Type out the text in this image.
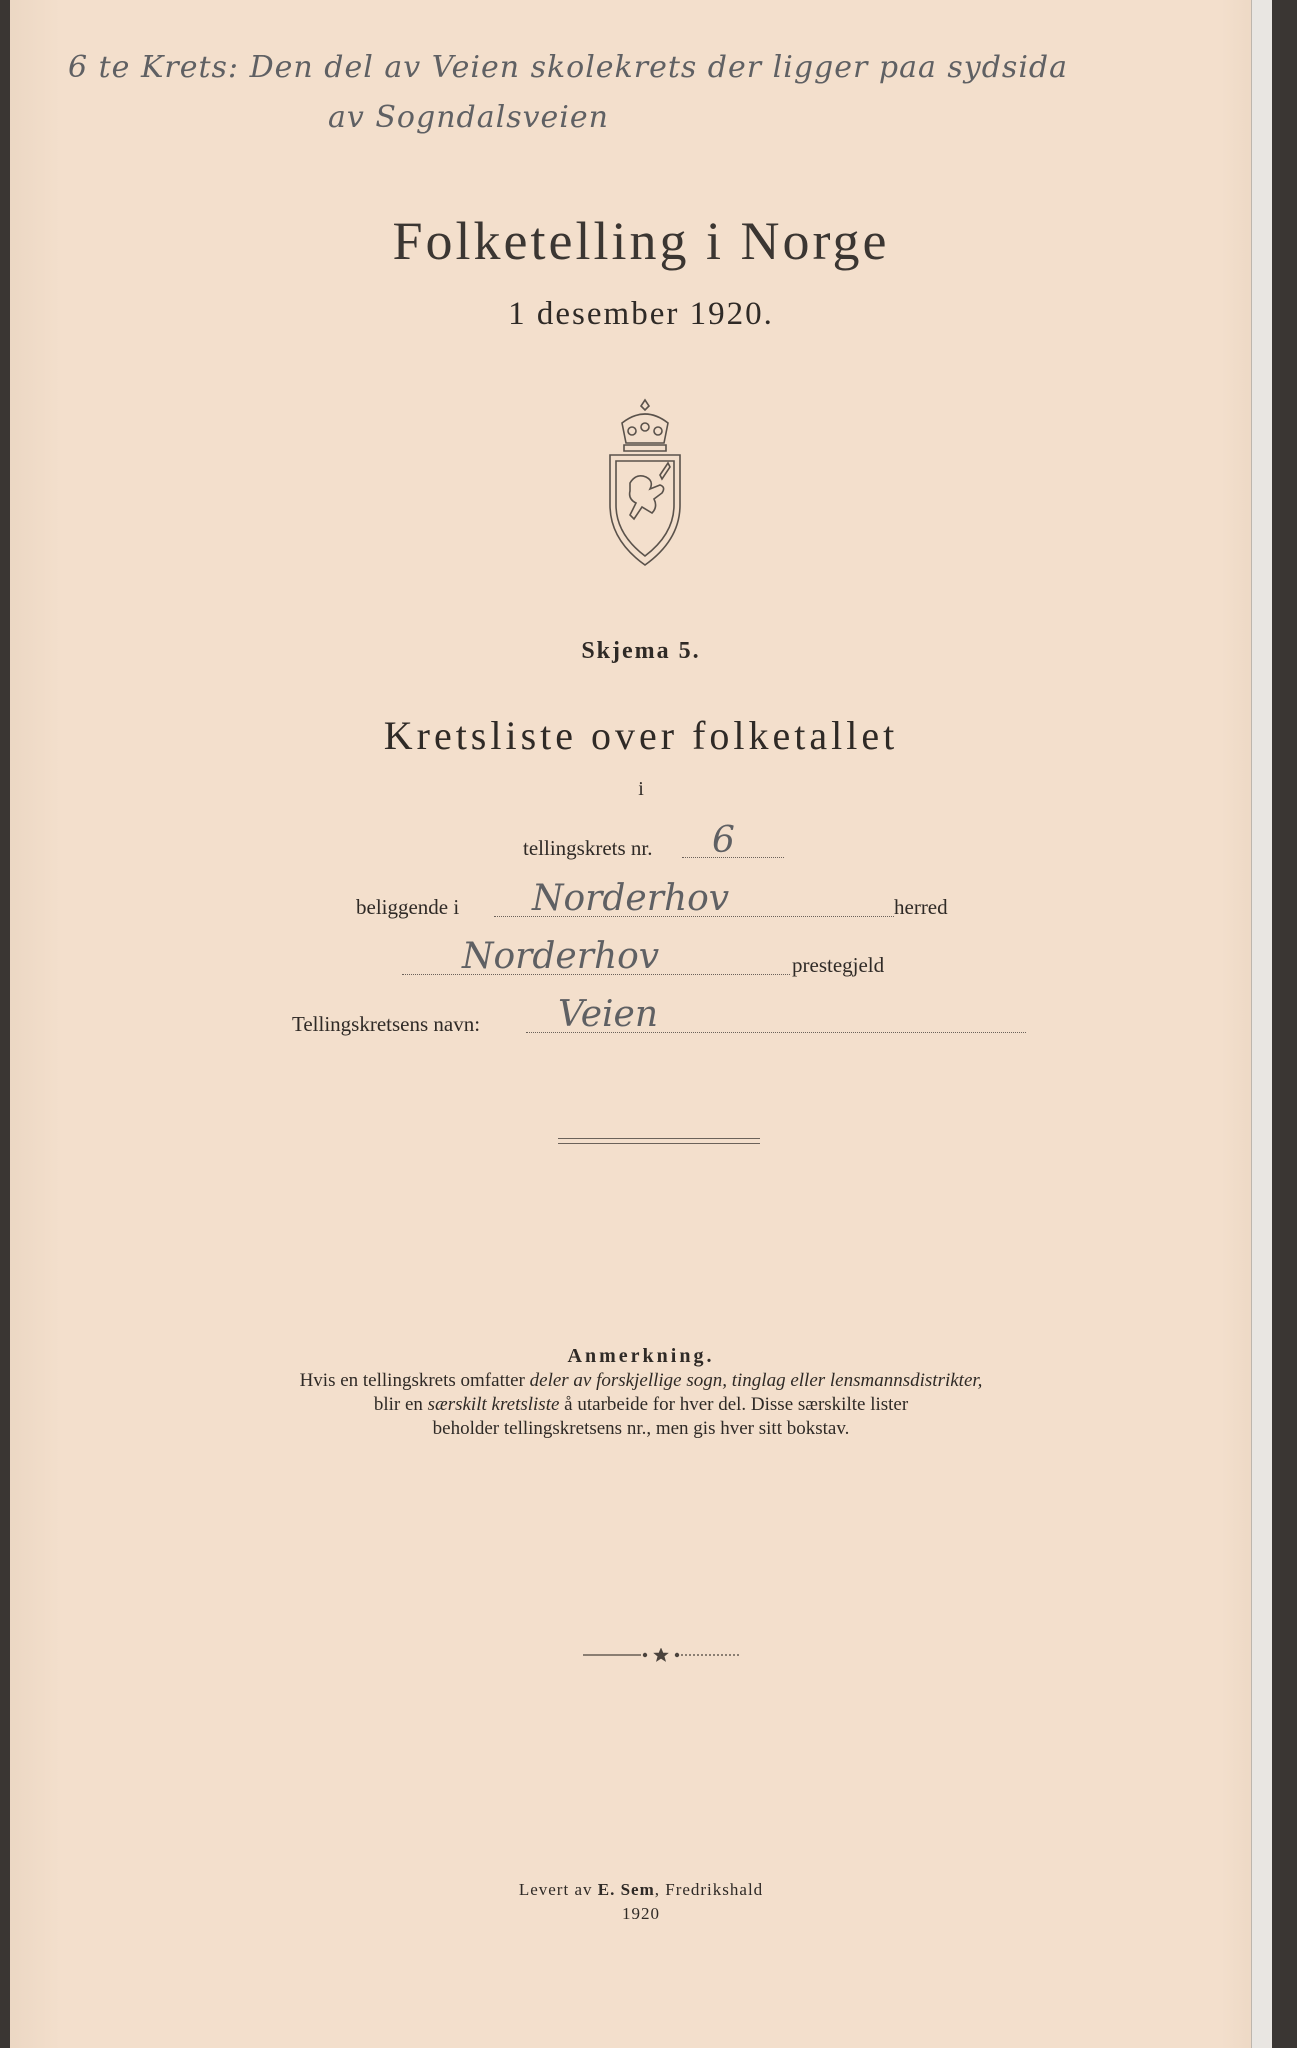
6 te Krets: Den del av Veien skolekrets der ligger paa sydsida
av Sogndalsveien
Folketelling i Norge
1 desember 1920.
Skjema 5.
Kretsliste over folketallet
i
tellingskrets nr. 6
beliggende i Norderhov	herred
Norderhov	prestegjeld
Tellingskretsens navn: Veien
Anmerkning.
Hvis en tellingskrets omfatter deler av forskjellige sogn, tinglag eller lensmannsdistrikter,
blir en særskilt kretsliste å utarbeide for hver del. Disse særskilte lister
beholder tellingskretsens nr., men gis hver sitt bokstav.
Levert av E. Sem, Fredrikshald
1920
